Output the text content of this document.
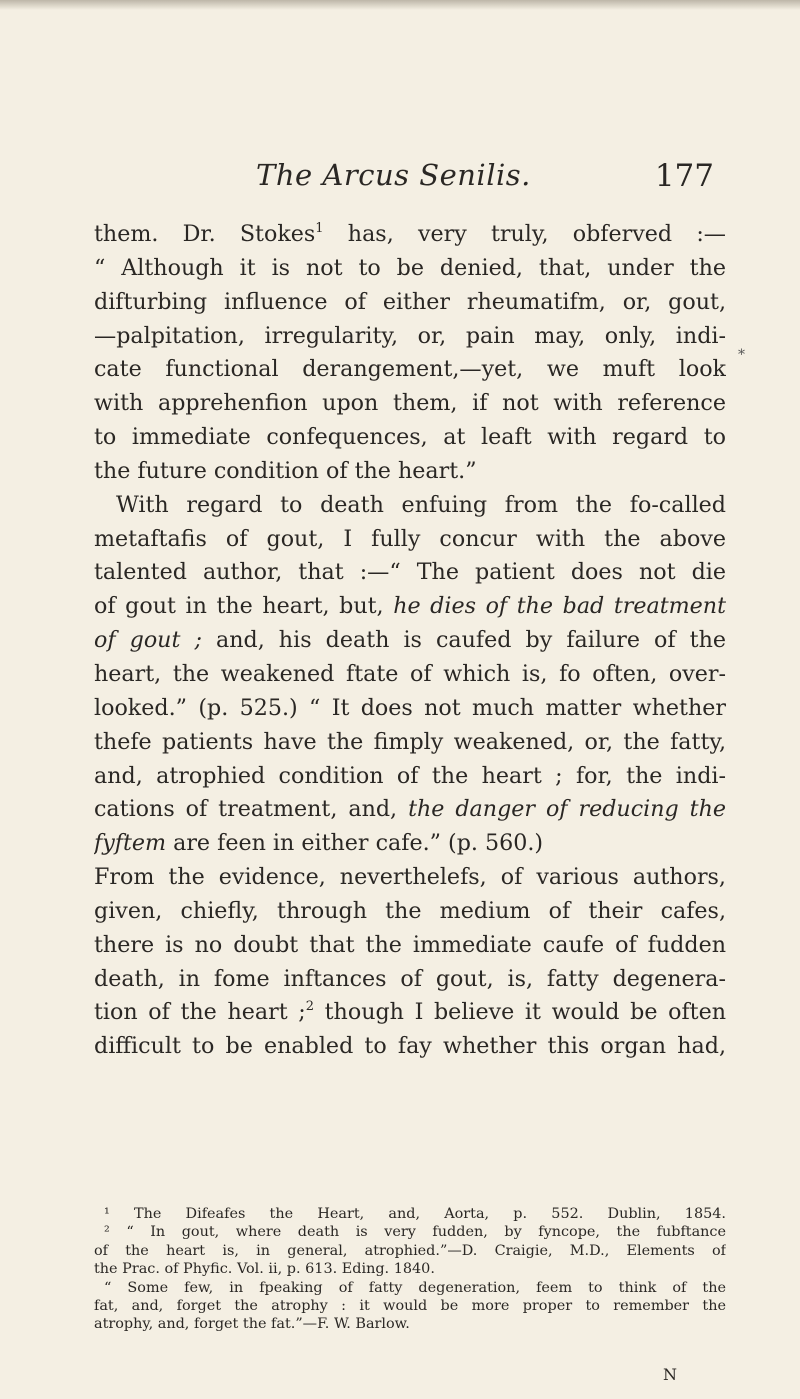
The Arcus Senilis.	177
*
them. Dr. Stokes$^1$ has, very truly, obferved :—
“ Although it is not to be denied, that, under the
difturbing influence of either rheumatifm, or, gout,
—palpitation, irregularity, or, pain may, only, indi-
cate functional derangement,—yet, we muft look
with apprehenfion upon them, if not with reference
to immediate confequences, at leaft with regard to
the future condition of the heart.”
With regard to death enfuing from the fo-called
metaftafis of gout, I fully concur with the above
talented author, that :—“ The patient does not die
of gout in the heart, but, he dies of the bad treatment
of gout ; and, his death is caufed by failure of the
heart, the weakened ftate of which is, fo often, over-
looked.” (p. 525.) “ It does not much matter whether
thefe patients have the fimply weakened, or, the fatty,
and, atrophied condition of the heart ; for, the indi-
cations of treatment, and, the danger of reducing the
fyftem are feen in either cafe.” (p. 560.)
From the evidence, neverthelefs, of various authors,
given, chiefly, through the medium of their cafes,
there is no doubt that the immediate caufe of fudden
death, in fome inftances of gout, is, fatty degenera-
tion of the heart ;$^2$ though I believe it would be often
difficult to be enabled to fay whether this organ had,
¹ The Difeafes the Heart, and, Aorta, p. 552. Dublin, 1854.
² “ In gout, where death is very fudden, by fyncope, the fubftance
of the heart is, in general, atrophied.”—D. Craigie, M.D., Elements of
the Prac. of Phyfic. Vol. ii, p. 613. Eding. 1840.
“ Some few, in fpeaking of fatty degeneration, feem to think of the
fat, and, forget the atrophy : it would be more proper to remember the
atrophy, and, forget the fat.”—F. W. Barlow.
N
